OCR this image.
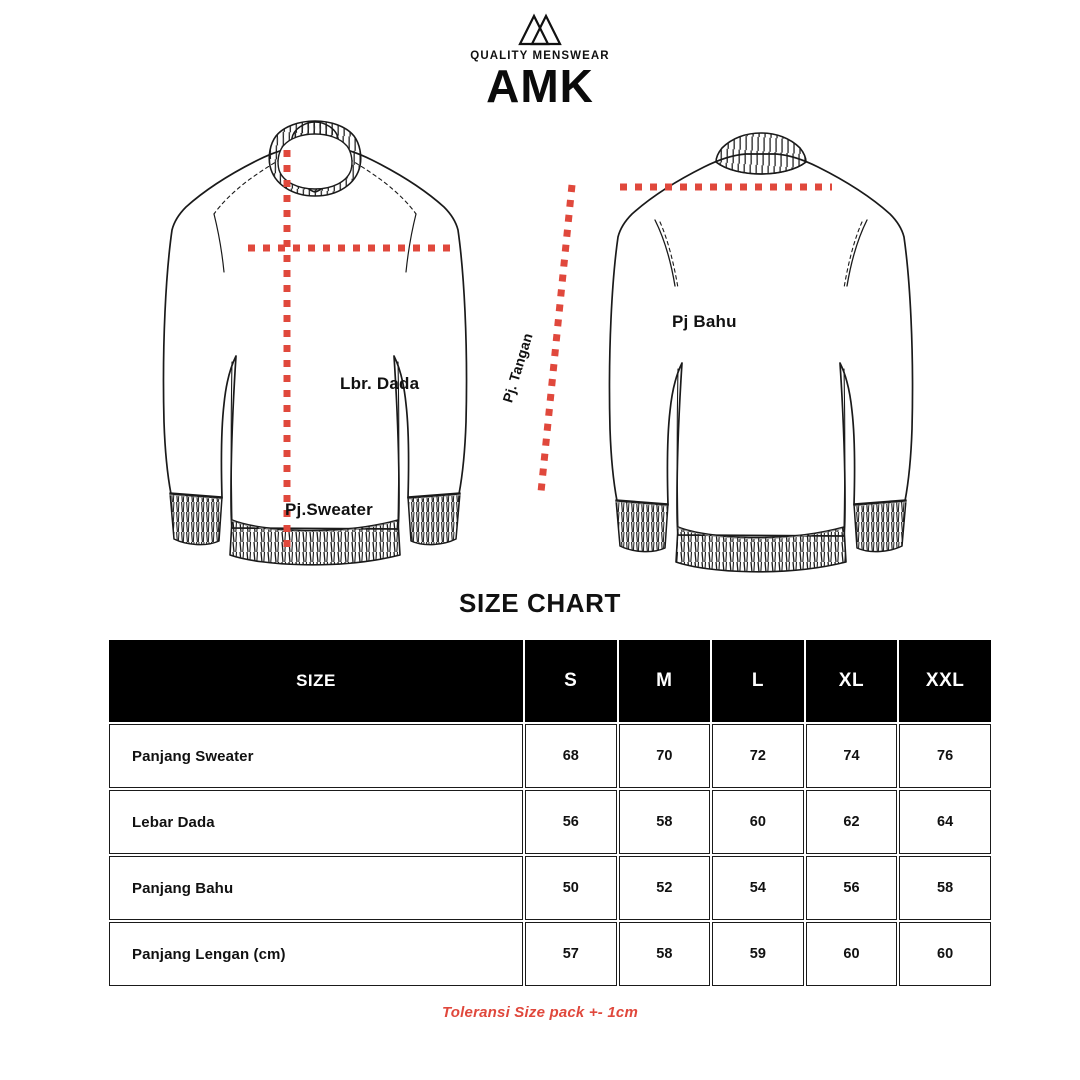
QUALITY MENSWEAR
AMK
Lbr. Dada
Pj.Sweater
Pj Bahu
Pj. Tangan
SIZE CHART
SIZE	S	M	L	XL	XXL
Panjang Sweater	68	70	72	74	76
Lebar Dada	56	58	60	62	64
Panjang Bahu	50	52	54	56	58
Panjang Lengan (cm)	57	58	59	60	60
Toleransi Size pack +- 1cm
